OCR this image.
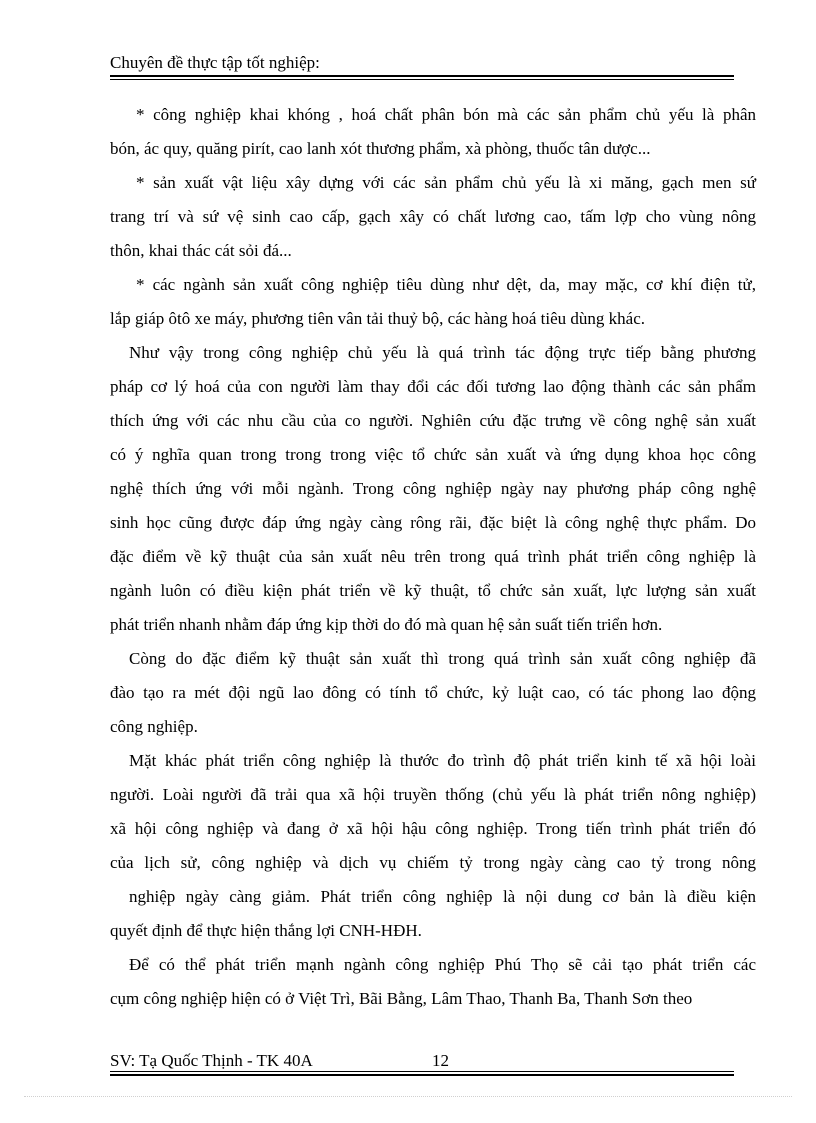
Chuyên đề thực tập tốt nghiệp:

* công nghiệp khai khóng , hoá chất phân bón mà các sản phẩm chủ yếu là phân

bón, ác quy, quăng pirít, cao lanh xót thương phẩm, xà phòng, thuốc tân dược...

* sản xuất vật liệu xây dựng với các sản phẩm chủ yếu là xi măng, gạch men sứ

trang trí và sứ vệ sinh cao cấp, gạch xây có chất lương cao, tấm lợp cho vùng nông

thôn, khai thác cát sỏi đá...

* các ngành sản xuất công nghiệp tiêu dùng như dệt, da, may mặc, cơ khí điện tử,

lắp giáp ôtô xe máy, phương tiên vân tải thuỷ bộ, các hàng hoá tiêu dùng khác.

Như vậy trong công nghiệp chủ yếu là quá trình tác động trực tiếp bằng phương

pháp cơ lý hoá của con người làm thay đổi các đối tương lao động thành các sản phẩm

thích ứng với các nhu cầu của co người. Nghiên cứu đặc trưng về công nghệ sản xuất

có ý nghĩa quan trong trong trong việc tổ chức sản xuất và ứng dụng khoa học công

nghệ thích ứng với mỗi ngành. Trong công nghiệp ngày nay phương pháp công nghệ

sinh học cũng được đáp ứng ngày càng rông rãi, đặc biệt là công nghệ thực phẩm. Do

đặc điểm về kỹ thuật của sản xuất nêu trên trong quá trình phát triển công nghiệp là

ngành luôn có điều kiện phát triển về kỹ thuật, tổ chức sản xuất, lực lượng sản xuất

phát triển nhanh nhằm đáp ứng kịp thời do đó mà quan hệ sản suất tiến triển hơn.

Còng do đặc điểm kỹ thuật sản xuất thì trong quá trình sản xuất công nghiệp đã

đào tạo ra mét đội ngũ lao đông có tính tổ chức, kỷ luật cao, có tác phong lao động

công nghiệp.

Mặt khác phát triển công nghiệp là thước đo trình độ phát triển kinh tế xã hội loài

người. Loài người đã trải qua xã hội truyền thống (chủ yếu là phát triển nông nghiệp)

xã hội công nghiệp và đang ở xã hội hậu công nghiệp. Trong tiến trình phát triển đó

của lịch sử, công nghiệp và dịch vụ chiếm tỷ trong ngày càng cao tỷ trong nông

nghiệp ngày càng giảm. Phát triển công nghiệp là nội dung cơ bản là điều kiện

quyết định để thực hiện thắng lợi CNH-HĐH.

Để có thể phát triển mạnh ngành công nghiệp Phú Thọ sẽ cải tạo phát triển các

cụm công nghiệp hiện có ở Việt Trì, Bãi Bằng, Lâm Thao, Thanh Ba, Thanh Sơn theo

SV: Tạ Quốc Thịnh - TK 40A	12
